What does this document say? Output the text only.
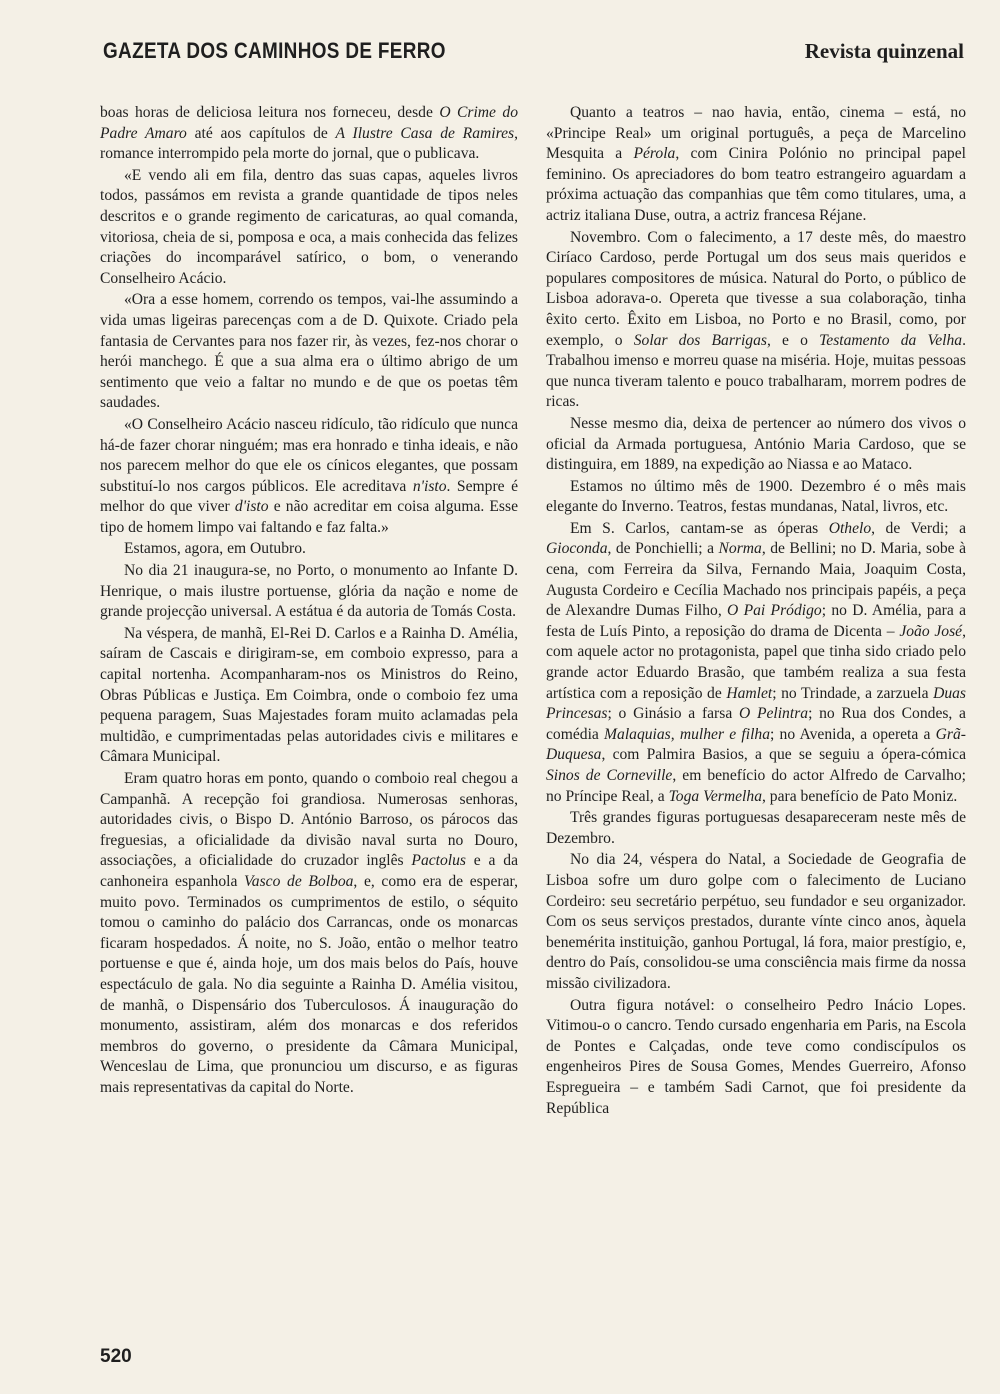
GAZETA DOS CAMINHOS DE FERRO	Revista quinzenal

boas horas de deliciosa leitura nos forneceu, desde O Crime do Padre Amaro até aos capítulos de A Ilustre Casa de Ramires, romance interrompido pela morte do jornal, que o publicava.

«E vendo ali em fila, dentro das suas capas, aqueles livros todos, passámos em revista a grande quantidade de tipos neles descritos e o grande regimento de caricaturas, ao qual comanda, vitoriosa, cheia de si, pomposa e oca, a mais conhecida das felizes criações do incomparável satírico, o bom, o venerando Conselheiro Acácio.

«Ora a esse homem, correndo os tempos, vai-lhe assumindo a vida umas ligeiras parecenças com a de D. Quixote. Criado pela fantasia de Cervantes para nos fazer rir, às vezes, fez-nos chorar o herói manchego. É que a sua alma era o último abrigo de um sentimento que veio a faltar no mundo e de que os poetas têm saudades.

«O Conselheiro Acácio nasceu ridículo, tão ridículo que nunca há-de fazer chorar ninguém; mas era honrado e tinha ideais, e não nos parecem melhor do que ele os cínicos elegantes, que possam substituí-lo nos cargos públicos. Ele acreditava n'isto. Sempre é melhor do que viver d'isto e não acreditar em coisa alguma. Esse tipo de homem limpo vai faltando e faz falta.»

Estamos, agora, em Outubro.

No dia 21 inaugura-se, no Porto, o monumento ao Infante D. Henrique, o mais ilustre portuense, glória da nação e nome de grande projecção universal. A estátua é da autoria de Tomás Costa.

Na véspera, de manhã, El-Rei D. Carlos e a Rainha D. Amélia, saíram de Cascais e dirigiram-se, em comboio expresso, para a capital nortenha. Acompanharam-nos os Ministros do Reino, Obras Públicas e Justiça. Em Coimbra, onde o comboio fez uma pequena paragem, Suas Majestades foram muito aclamadas pela multidão, e cumprimentadas pelas autoridades civis e militares e Câmara Municipal.

Eram quatro horas em ponto, quando o comboio real chegou a Campanhã. A recepção foi grandiosa. Numerosas senhoras, autoridades civis, o Bispo D. António Barroso, os párocos das freguesias, a oficialidade da divisão naval surta no Douro, associações, a oficialidade do cruzador inglês Pactolus e a da canhoneira espanhola Vasco de Bolboa, e, como era de esperar, muito povo. Terminados os cumprimentos de estilo, o séquito tomou o caminho do palácio dos Carrancas, onde os monarcas ficaram hospedados. Á noite, no S. João, então o melhor teatro portuense e que é, ainda hoje, um dos mais belos do País, houve espectáculo de gala. No dia seguinte a Rainha D. Amélia visitou, de manhã, o Dispensário dos Tuberculosos. Á inauguração do monumento, assistiram, além dos monarcas e dos referidos membros do governo, o presidente da Câmara Municipal, Wenceslau de Lima, que pronunciou um discurso, e as figuras mais representativas da capital do Norte.

Quanto a teatros – nao havia, então, cinema – está, no «Principe Real» um original português, a peça de Marcelino Mesquita a Pérola, com Cinira Polónio no principal papel feminino. Os apreciadores do bom teatro estrangeiro aguardam a próxima actuação das companhias que têm como titulares, uma, a actriz italiana Duse, outra, a actriz francesa Réjane.

Novembro. Com o falecimento, a 17 deste mês, do maestro Ciríaco Cardoso, perde Portugal um dos seus mais queridos e populares compositores de música. Natural do Porto, o público de Lisboa adorava-o. Opereta que tivesse a sua colaboração, tinha êxito certo. Êxito em Lisboa, no Porto e no Brasil, como, por exemplo, o Solar dos Barrigas, e o Testamento da Velha. Trabalhou imenso e morreu quase na miséria. Hoje, muitas pessoas que nunca tiveram talento e pouco trabalharam, morrem podres de ricas.

Nesse mesmo dia, deixa de pertencer ao número dos vivos o oficial da Armada portuguesa, António Maria Cardoso, que se distinguira, em 1889, na expedição ao Niassa e ao Mataco.

Estamos no último mês de 1900. Dezembro é o mês mais elegante do Inverno. Teatros, festas mundanas, Natal, livros, etc.

Em S. Carlos, cantam-se as óperas Othelo, de Verdi; a Gioconda, de Ponchielli; a Norma, de Bellini; no D. Maria, sobe à cena, com Ferreira da Silva, Fernando Maia, Joaquim Costa, Augusta Cordeiro e Cecília Machado nos principais papéis, a peça de Alexandre Dumas Filho, O Pai Pródigo; no D. Amélia, para a festa de Luís Pinto, a reposição do drama de Dicenta – João José, com aquele actor no protagonista, papel que tinha sido criado pelo grande actor Eduardo Brasão, que também realiza a sua festa artística com a reposição de Hamlet; no Trindade, a zarzuela Duas Princesas; o Ginásio a farsa O Pelintra; no Rua dos Condes, a comédia Malaquias, mulher e filha; no Avenida, a opereta a Grã-Duquesa, com Palmira Basios, a que se seguiu a ópera-cómica Sinos de Corneville, em benefício do actor Alfredo de Carvalho; no Príncipe Real, a Toga Vermelha, para benefício de Pato Moniz.

Três grandes figuras portuguesas desapareceram neste mês de Dezembro.

No dia 24, véspera do Natal, a Sociedade de Geografia de Lisboa sofre um duro golpe com o falecimento de Luciano Cordeiro: seu secretário perpétuo, seu fundador e seu organizador. Com os seus serviços prestados, durante vínte cinco anos, àquela benemérita instituição, ganhou Portugal, lá fora, maior prestígio, e, dentro do País, consolidou-se uma consciência mais firme da nossa missão civilizadora.

Outra figura notável: o conselheiro Pedro Inácio Lopes. Vitimou-o o cancro. Tendo cursado engenharia em Paris, na Escola de Pontes e Calçadas, onde teve como condiscípulos os engenheiros Pires de Sousa Gomes, Mendes Guerreiro, Afonso Espregueira – e também Sadi Carnot, que foi presidente da República

520
